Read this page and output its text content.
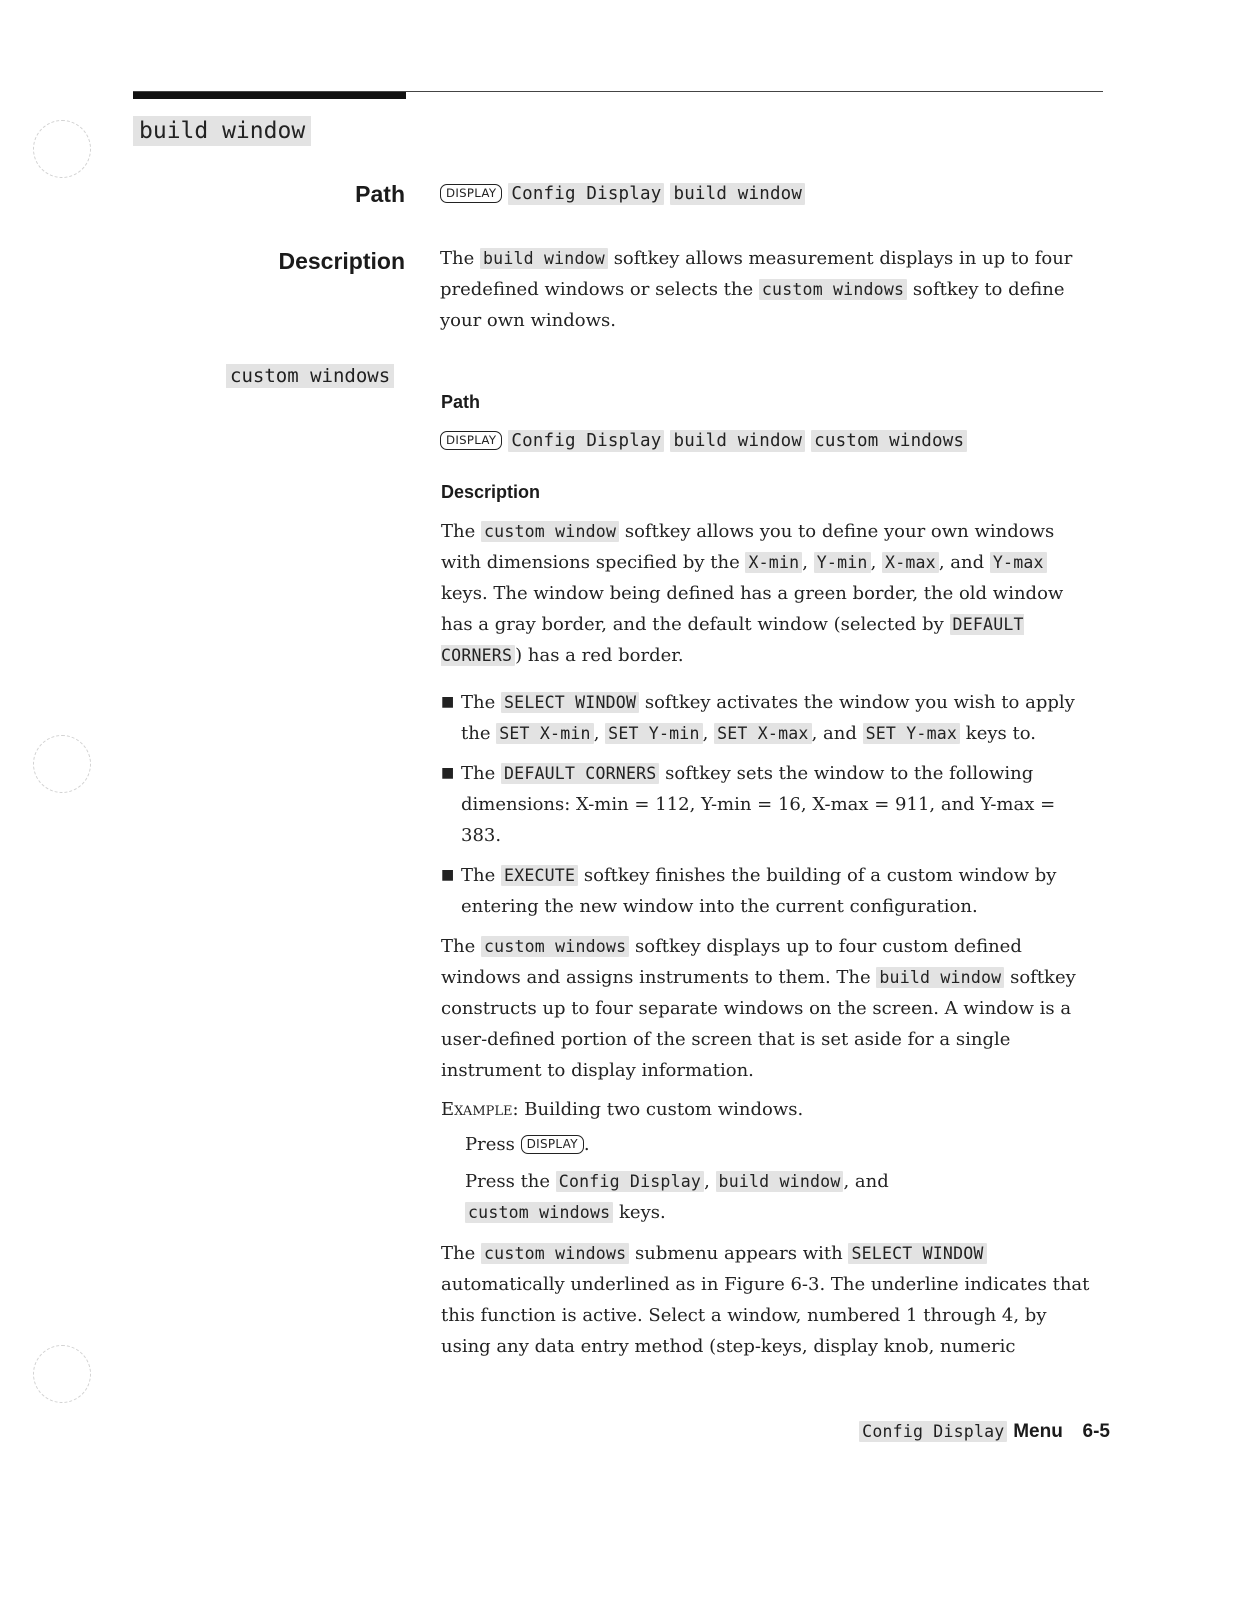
build window
Path	DISPLAY Config Display build window
Description The build window softkey allows measurement displays in up to four predefined windows or selects the custom windows softkey to define your own windows.
custom windows
Path
DISPLAY Config Display build window custom windows
Description
The custom window softkey allows you to define your own windows with dimensions specified by the X-min , Y-min , X-max , and Y-max keys. The window being defined has a green border, the old window has a gray border, and the default window (selected by DEFAULT CORNERS ) has a red border.
■ The SELECT WINDOW softkey activates the window you wish to apply the SET X-min , SET Y-min , SET X-max , and SET Y-max keys to.
■ The DEFAULT CORNERS softkey sets the window to the following dimensions: X-min = 112, Y-min = 16, X-max = 911, and Y-max = 383.
■ The EXECUTE softkey finishes the building of a custom window by entering the new window into the current configuration.
The custom windows softkey displays up to four custom defined windows and assigns instruments to them. The build window softkey constructs up to four separate windows on the screen. A window is a user-defined portion of the screen that is set aside for a single instrument to display information.
Example: Building two custom windows.
Press DISPLAY .
Press the Config Display , build window , and
custom windows keys.
The custom windows submenu appears with SELECT WINDOW automatically underlined as in Figure 6-3. The underline indicates that this function is active. Select a window, numbered 1 through 4, by using any data entry method (step-keys, display knob, numeric
Config Display Menu 6-5
